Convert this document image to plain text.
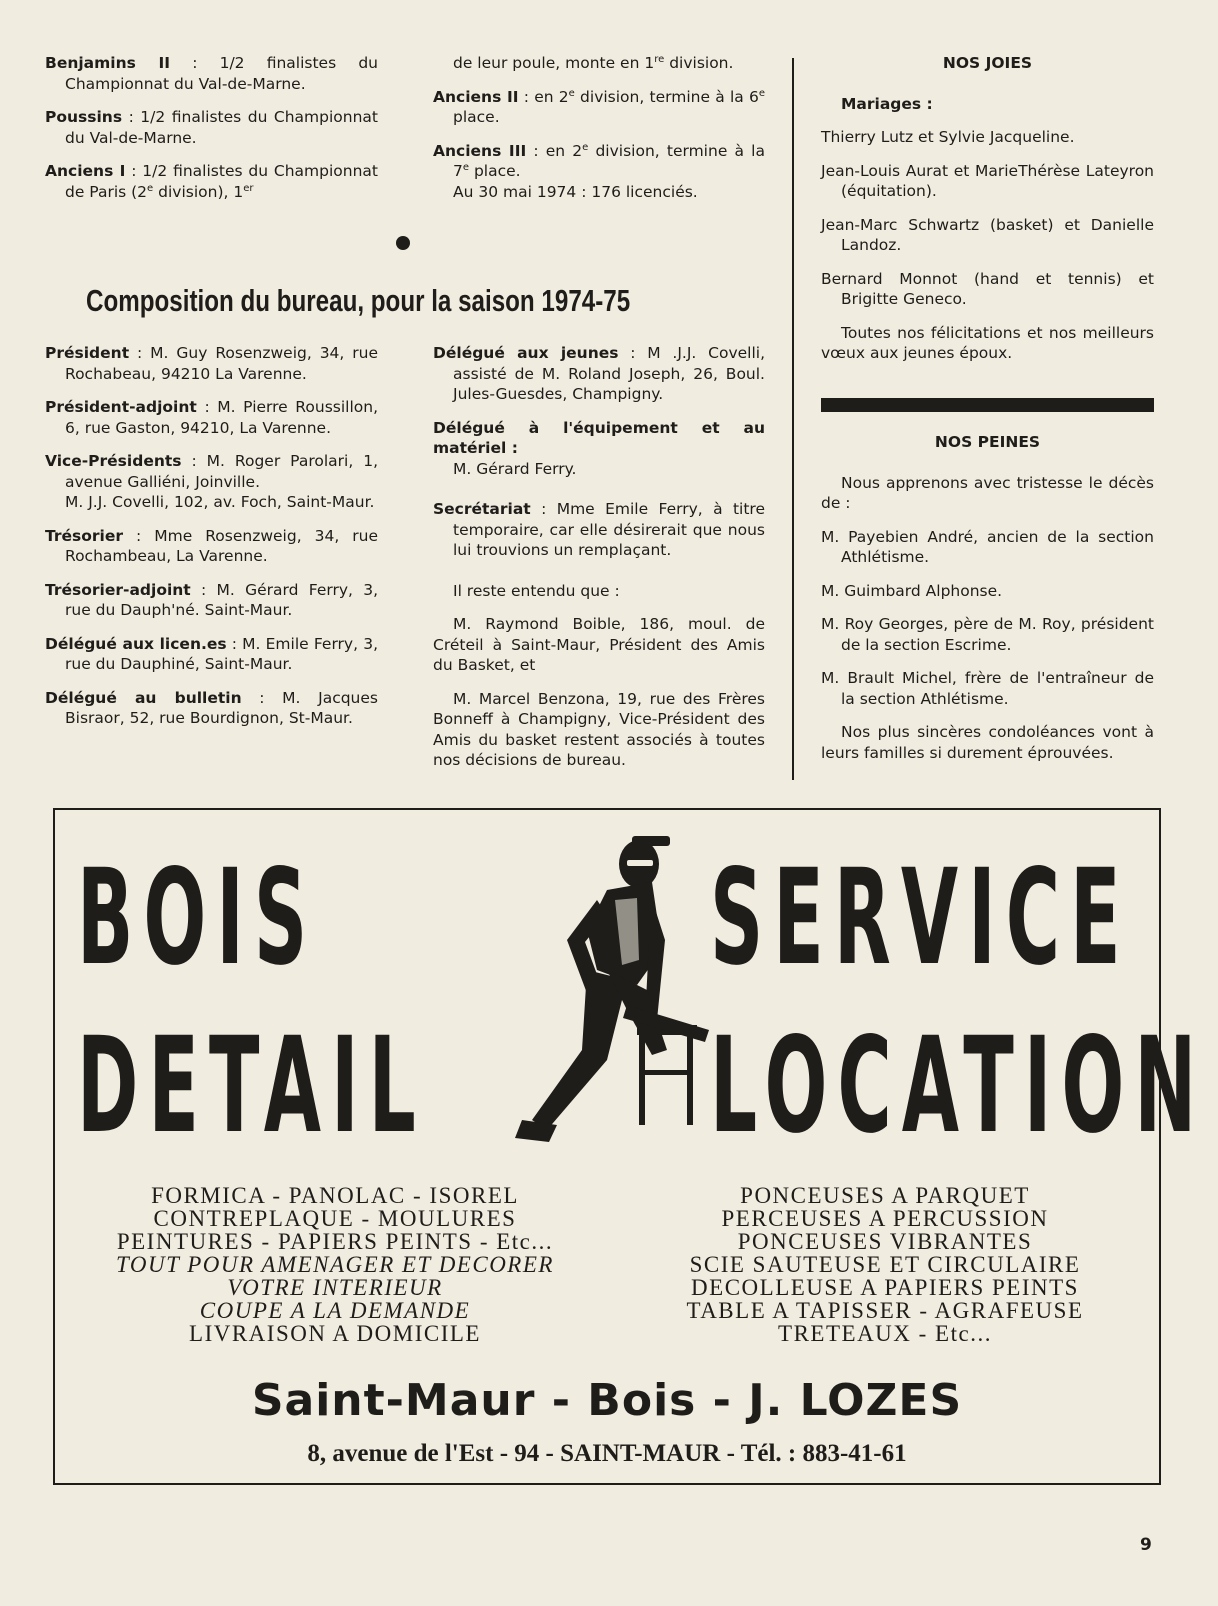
Benjamins II : 1/2 finalistes du Championnat du Val-de-Marne.

Poussins : 1/2 finalistes du Championnat du Val-de-Marne.

Anciens I : 1/2 finalistes du Championnat de Paris (2e division), 1er

de leur poule, monte en 1re division.

Anciens II : en 2e division, termine à la 6e place.

Anciens III : en 2e division, termine à la 7e place.

Au 30 mai 1974 : 176 licenciés.

NOS JOIES

Mariages :

Thierry Lutz et Sylvie Jacqueline.

Jean-Louis Aurat et MarieThérèse Lateyron (équitation).

Jean-Marc Schwartz (basket) et Danielle Landoz.

Bernard Monnot (hand et tennis) et Brigitte Geneco.

Toutes nos félicitations et nos meilleurs vœux aux jeunes époux.

NOS PEINES

Nous apprenons avec tristesse le décès de :

M. Payebien André, ancien de la section Athlétisme.

M. Guimbard Alphonse.

M. Roy Georges, père de M. Roy, président de la section Escrime.

M. Brault Michel, frère de l'entraîneur de la section Athlétisme.

Nos plus sincères condoléances vont à leurs familles si durement éprouvées.

Composition du bureau, pour la saison 1974-75

Président : M. Guy Rosenzweig, 34, rue Rochabeau, 94210 La Varenne.

Président-adjoint : M. Pierre Roussillon, 6, rue Gaston, 94210, La Varenne.

Vice-Présidents : M. Roger Parolari, 1, avenue Galliéni, Joinville.

M. J.J. Covelli, 102, av. Foch, Saint-Maur.

Trésorier : Mme Rosenzweig, 34, rue Rochambeau, La Varenne.

Trésorier-adjoint : M. Gérard Ferry, 3, rue du Dauph'né. Saint-Maur.

Délégué aux licen.es : M. Emile Ferry, 3, rue du Dauphiné, Saint-Maur.

Délégué au bulletin : M. Jacques Bisraor, 52, rue Bourdignon, St-Maur.

Délégué aux jeunes : M .J.J. Covelli, assisté de M. Roland Joseph, 26, Boul. Jules-Guesdes, Champigny.

Délégué à l'équipement et au matériel :

M. Gérard Ferry.

Secrétariat : Mme Emile Ferry, à titre temporaire, car elle désirerait que nous lui trouvions un remplaçant.

Il reste entendu que :

M. Raymond Boible, 186, moul. de Créteil à Saint-Maur, Président des Amis du Basket, et

M. Marcel Benzona, 19, rue des Frères Bonneff à Champigny, Vice-Président des Amis du basket restent associés à toutes nos décisions de bureau.

BOIS
DETAIL
SERVICE
LOCATION
FORMICA - PANOLAC - ISOREL
CONTREPLAQUE - MOULURES
PEINTURES - PAPIERS PEINTS - Etc...
TOUT POUR AMENAGER ET DECORER
VOTRE INTERIEUR
COUPE A LA DEMANDE
LIVRAISON A DOMICILE
PONCEUSES A PARQUET
PERCEUSES A PERCUSSION
PONCEUSES VIBRANTES
SCIE SAUTEUSE ET CIRCULAIRE
DECOLLEUSE A PAPIERS PEINTS
TABLE A TAPISSER - AGRAFEUSE
TRETEAUX - Etc...
Saint-Maur - Bois - J. LOZES
8, avenue de l'Est - 94 - SAINT-MAUR - Tél. : 883-41-61
9
